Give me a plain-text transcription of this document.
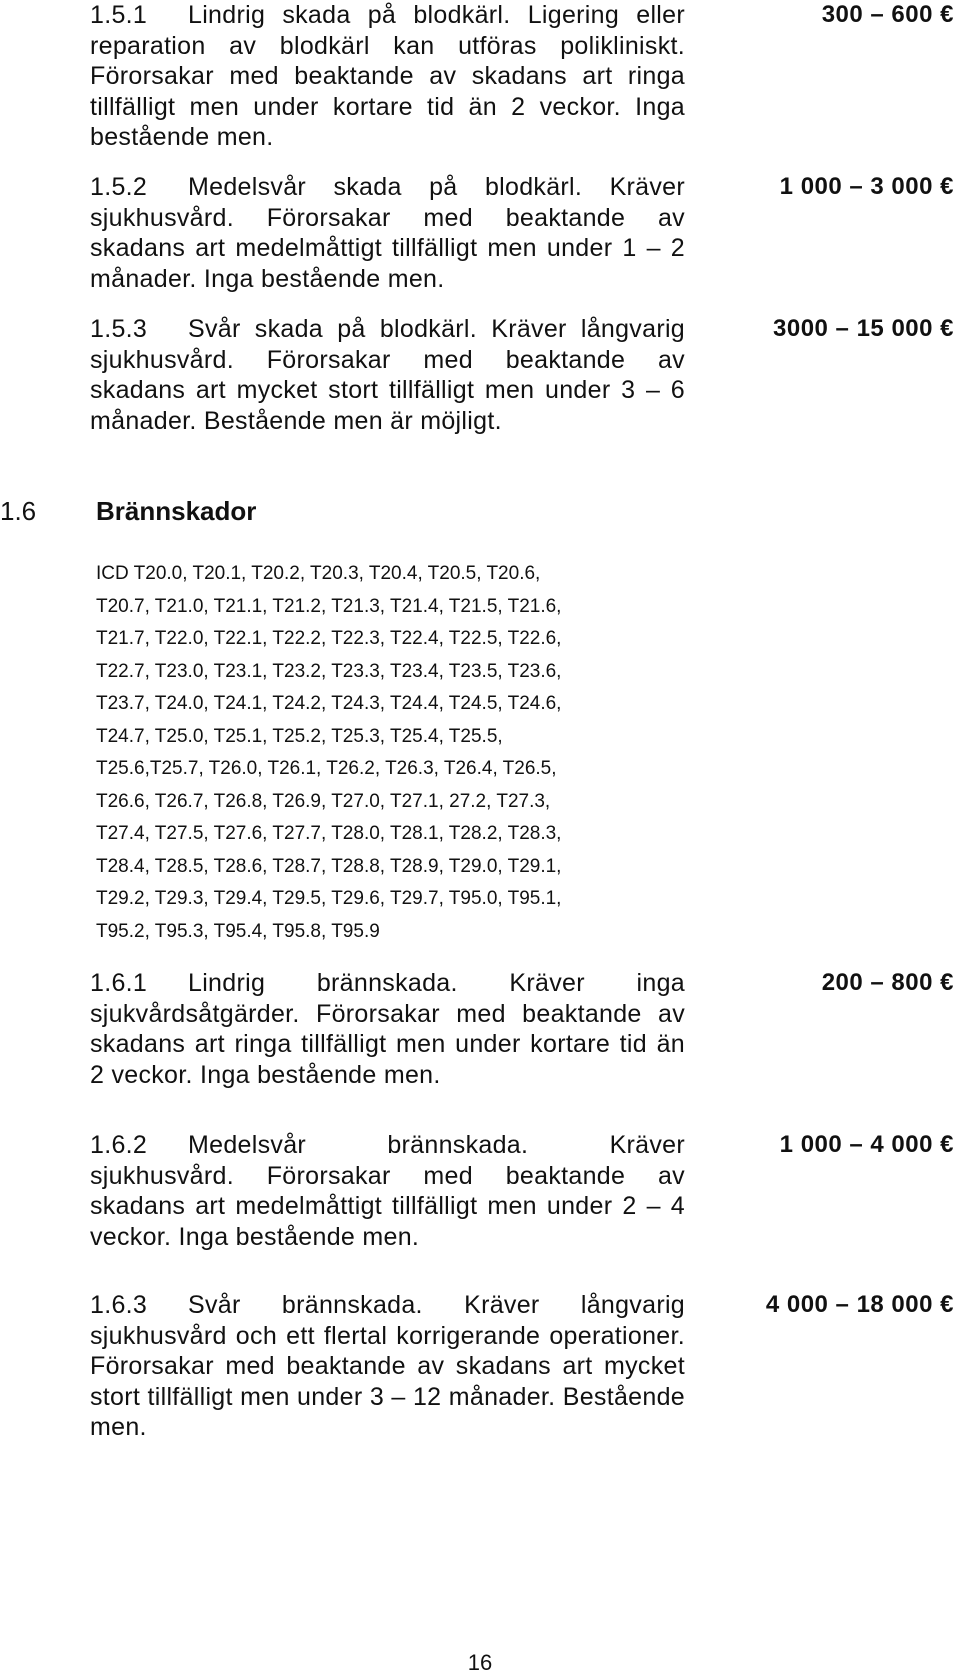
1.5.1 Lindrig skada på blodkärl. Ligering eller reparation av blodkärl kan utföras polikliniskt. Förorsakar med beaktande av skadans art ringa tillfälligt men under kortare tid än 2 veckor. Inga bestående men.

300 – 600 €

1.5.2 Medelsvår skada på blodkärl. Kräver sjukhusvård. Förorsakar med beaktande av skadans art medelmåttigt tillfälligt men under 1 – 2 månader. Inga bestående men.

1 000 – 3 000 €

1.5.3 Svår skada på blodkärl. Kräver långvarig sjukhusvård. Förorsakar med beaktande av skadans art mycket stort tillfälligt men under 3 – 6 månader. Bestående men är möjligt.

3000 – 15 000 €
1.6 Brännskador
ICD T20.0, T20.1, T20.2, T20.3, T20.4, T20.5, T20.6,
T20.7, T21.0, T21.1, T21.2, T21.3, T21.4, T21.5, T21.6,
T21.7, T22.0, T22.1, T22.2, T22.3, T22.4, T22.5, T22.6,
T22.7, T23.0, T23.1, T23.2, T23.3, T23.4, T23.5, T23.6,
T23.7, T24.0, T24.1, T24.2, T24.3, T24.4, T24.5, T24.6,
T24.7, T25.0, T25.1, T25.2, T25.3, T25.4, T25.5,
T25.6,T25.7, T26.0, T26.1, T26.2, T26.3, T26.4, T26.5,
T26.6, T26.7, T26.8, T26.9, T27.0, T27.1, 27.2, T27.3,
T27.4, T27.5, T27.6, T27.7, T28.0, T28.1, T28.2, T28.3,
T28.4, T28.5, T28.6, T28.7, T28.8, T28.9, T29.0, T29.1,
T29.2, T29.3, T29.4, T29.5, T29.6, T29.7, T95.0, T95.1,
T95.2, T95.3, T95.4, T95.8, T95.9

1.6.1 Lindrig brännskada. Kräver inga sjukvårdsåtgärder. Förorsakar med beaktande av skadans art ringa tillfälligt men under kortare tid än 2 veckor. Inga bestående men.

200 – 800 €

1.6.2 Medelsvår brännskada. Kräver sjukhusvård. Förorsakar med beaktande av skadans art medelmåttigt tillfälligt men under 2 – 4 veckor. Inga bestående men.

1 000 – 4 000 €

1.6.3 Svår brännskada. Kräver långvarig sjukhusvård och ett flertal korrigerande operationer. Förorsakar med beaktande av skadans art mycket stort tillfälligt men under 3 – 12 månader. Bestående men.

4 000 – 18 000 €
16
